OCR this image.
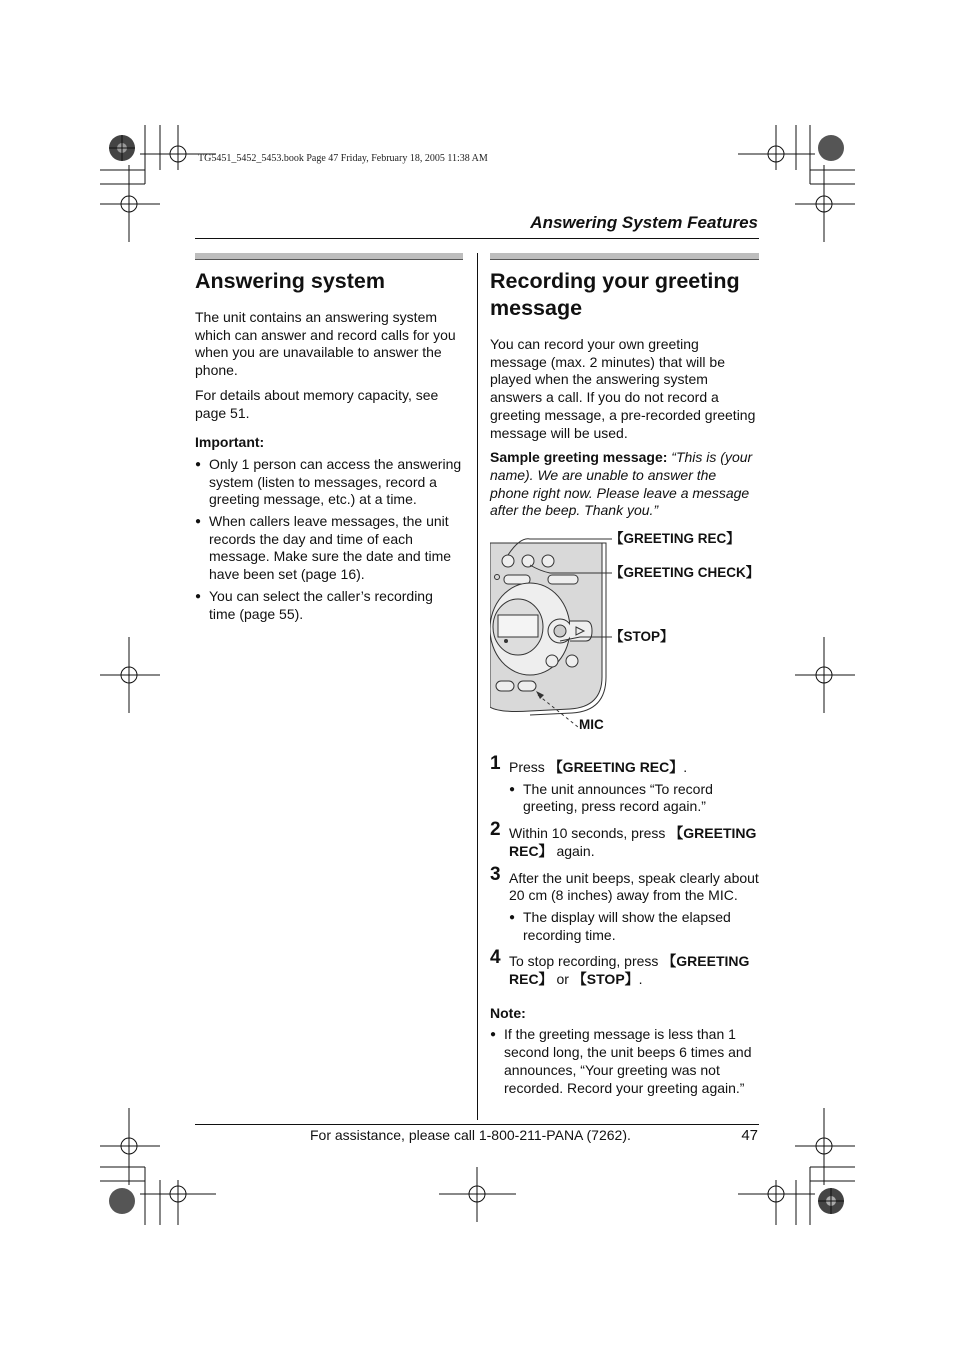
TG5451_5452_5453.book Page 47 Friday, February 18, 2005 11:38 AM
Answering System Features
Answering system

The unit contains an answering system which can answer and record calls for you when you are unavailable to answer the phone.

For details about memory capacity, see page 51.

Important:
● Only 1 person can access the answering system (listen to messages, record a greeting message, etc.) at a time.
● When callers leave messages, the unit records the day and time of each message. Make sure the date and time have been set (page 16).
● You can select the caller’s recording time (page 55).
Recording your greeting message

You can record your own greeting message (max. 2 minutes) that will be played when the answering system answers a call. If you do not record a greeting message, a pre-recorded greeting message will be used.

Sample greeting message: “This is (your name). We are unable to answer the phone right now. Please leave a message after the beep. Thank you.”

【GREETING REC】
【GREETING CHECK】
【STOP】
MIC
1 Press 【GREETING REC】.
● The unit announces “To record greeting, press record again.”
2 Within 10 seconds, press 【GREETING REC】 again.
3 After the unit beeps, speak clearly about 20 cm (8 inches) away from the MIC.
● The display will show the elapsed recording time.
4 To stop recording, press 【GREETING REC】 or 【STOP】.
Note:
● If the greeting message is less than 1 second long, the unit beeps 6 times and announces, “Your greeting was not recorded. Record your greeting again.”
For assistance, please call 1-800-211-PANA (7262).	47
